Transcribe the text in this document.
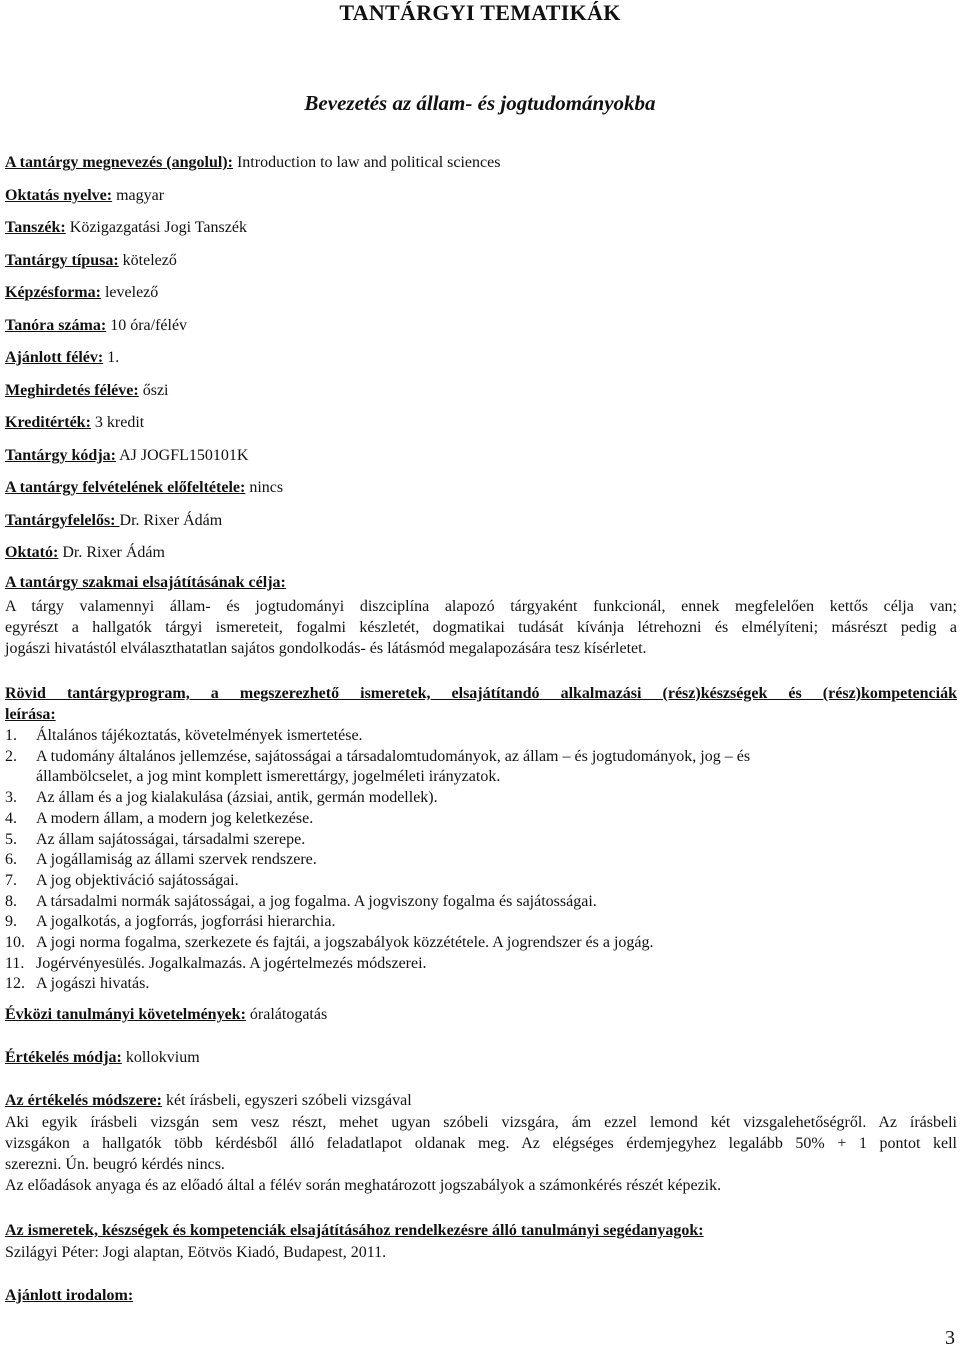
TANTÁRGYI TEMATIKÁK
Bevezetés az állam- és jogtudományokba
A tantárgy megnevezés (angolul): Introduction to law and political sciences
Oktatás nyelve: magyar
Tanszék: Közigazgatási Jogi Tanszék
Tantárgy típusa: kötelező
Képzésforma: levelező
Tanóra száma: 10 óra/félév
Ajánlott félév: 1.
Meghirdetés féléve: őszi
Kreditérték: 3 kredit
Tantárgy kódja: AJ JOGFL150101K
A tantárgy felvételének előfeltétele: nincs
Tantárgyfelelős: Dr. Rixer Ádám
Oktató: Dr. Rixer Ádám
A tantárgy szakmai elsajátításának célja:
A tárgy valamennyi állam- és jogtudományi diszciplína alapozó tárgyaként funkcionál, ennek megfelelően kettős célja van;
egyrészt a hallgatók tárgyi ismereteit, fogalmi készletét, dogmatikai tudását kívánja létrehozni és elmélyíteni; másrészt pedig a
jogászi hivatástól elválaszthatatlan sajátos gondolkodás- és látásmód megalapozására tesz kísérletet.
Rövid tantárgyprogram, a megszerezhető ismeretek, elsajátítandó alkalmazási (rész)készségek és (rész)kompetenciák
leírása:
1.	Általános tájékoztatás, követelmények ismertetése.
2.	A tudomány általános jellemzése, sajátosságai a társadalomtudományok, az állam – és jogtudományok, jog – és
állambölcselet, a jog mint komplett ismerettárgy, jogelméleti irányzatok.
3.	Az állam és a jog kialakulása (ázsiai, antik, germán modellek).
4.	A modern állam, a modern jog keletkezése.
5.	Az állam sajátosságai, társadalmi szerepe.
6.	A jogállamiság az állami szervek rendszere.
7.	A jog objektiváció sajátosságai.
8.	A társadalmi normák sajátosságai, a jog fogalma. A jogviszony fogalma és sajátosságai.
9.	A jogalkotás, a jogforrás, jogforrási hierarchia.
10. A jogi norma fogalma, szerkezete és fajtái, a jogszabályok közzététele. A jogrendszer és a jogág.
11. Jogérvényesülés. Jogalkalmazás. A jogértelmezés módszerei.
12. A jogászi hivatás.
Évközi tanulmányi követelmények: óralátogatás
Értékelés módja: kollokvium
Az értékelés módszere: két írásbeli, egyszeri szóbeli vizsgával
Aki egyik írásbeli vizsgán sem vesz részt, mehet ugyan szóbeli vizsgára, ám ezzel lemond két vizsgalehetőségről. Az írásbeli
vizsgákon a hallgatók több kérdésből álló feladatlapot oldanak meg. Az elégséges érdemjegyhez legalább 50% + 1 pontot kell
szerezni. Ún. beugró kérdés nincs.
Az előadások anyaga és az előadó által a félév során meghatározott jogszabályok a számonkérés részét képezik.
Az ismeretek, készségek és kompetenciák elsajátításához rendelkezésre álló tanulmányi segédanyagok:
Szilágyi Péter: Jogi alaptan, Eötvös Kiadó, Budapest, 2011.
Ajánlott irodalom:
3
